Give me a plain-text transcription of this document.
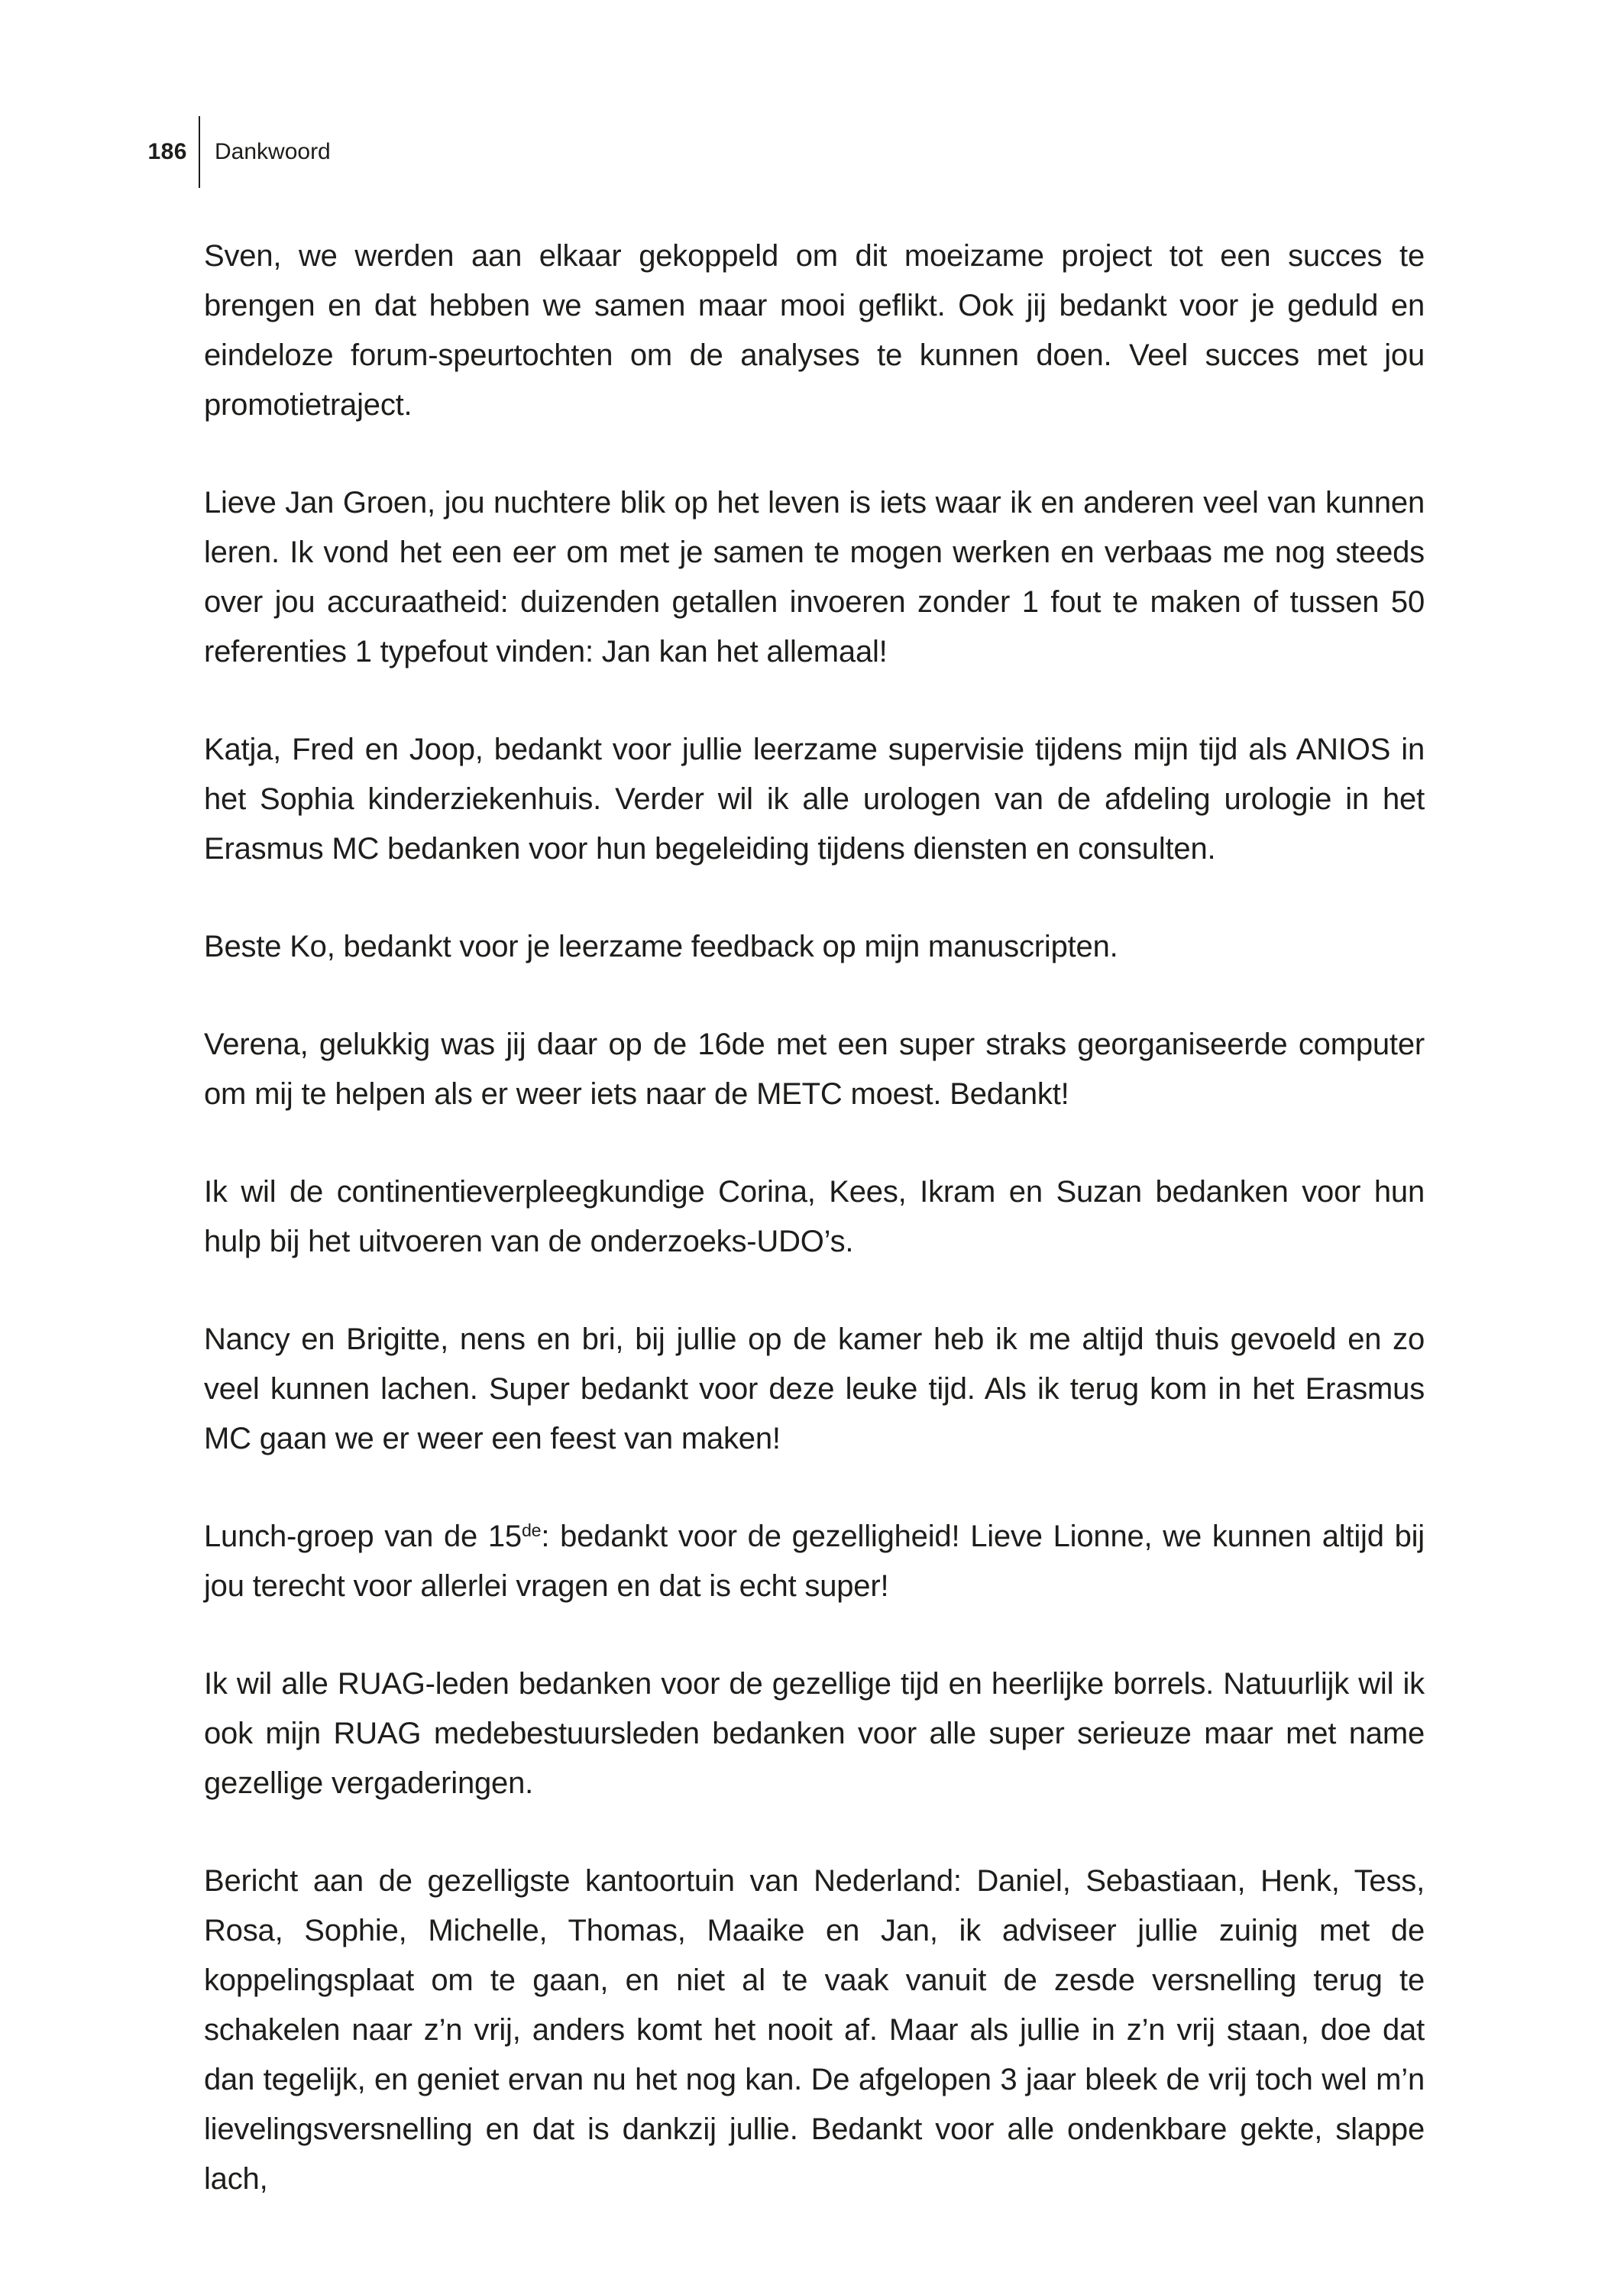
186 Dankwoord

Sven, we werden aan elkaar gekoppeld om dit moeizame project tot een succes te brengen en dat hebben we samen maar mooi geflikt. Ook jij bedankt voor je geduld en eindeloze forum-speurtochten om de analyses te kunnen doen. Veel succes met jou promotietraject.

Lieve Jan Groen, jou nuchtere blik op het leven is iets waar ik en anderen veel van kunnen leren. Ik vond het een eer om met je samen te mogen werken en verbaas me nog steeds over jou accuraatheid: duizenden getallen invoeren zonder 1 fout te maken of tussen 50 referenties 1 typefout vinden: Jan kan het allemaal!

Katja, Fred en Joop, bedankt voor jullie leerzame supervisie tijdens mijn tijd als ANIOS in het Sophia kinderziekenhuis. Verder wil ik alle urologen van de afdeling urologie in het Erasmus MC bedanken voor hun begeleiding tijdens diensten en consulten.

Beste Ko, bedankt voor je leerzame feedback op mijn manuscripten.

Verena, gelukkig was jij daar op de 16de met een super straks georganiseerde computer om mij te helpen als er weer iets naar de METC moest. Bedankt!

Ik wil de continentieverpleegkundige Corina, Kees, Ikram en Suzan bedanken voor hun hulp bij het uitvoeren van de onderzoeks-UDO’s.

Nancy en Brigitte, nens en bri, bij jullie op de kamer heb ik me altijd thuis gevoeld en zo veel kunnen lachen. Super bedankt voor deze leuke tijd. Als ik terug kom in het Erasmus MC gaan we er weer een feest van maken!

Lunch-groep van de 15de: bedankt voor de gezelligheid! Lieve Lionne, we kunnen altijd bij jou terecht voor allerlei vragen en dat is echt super!

Ik wil alle RUAG-leden bedanken voor de gezellige tijd en heerlijke borrels. Natuurlijk wil ik ook mijn RUAG medebestuursleden bedanken voor alle super serieuze maar met name gezellige vergaderingen.

Bericht aan de gezelligste kantoortuin van Nederland: Daniel, Sebastiaan, Henk, Tess, Rosa, Sophie, Michelle, Thomas, Maaike en Jan, ik adviseer jullie zuinig met de koppelingsplaat om te gaan, en niet al te vaak vanuit de zesde versnelling terug te schakelen naar z’n vrij, anders komt het nooit af. Maar als jullie in z’n vrij staan, doe dat dan tegelijk, en geniet ervan nu het nog kan. De afgelopen 3 jaar bleek de vrij toch wel m’n lievelingsversnelling en dat is dankzij jullie. Bedankt voor alle ondenkbare gekte, slappe lach,
